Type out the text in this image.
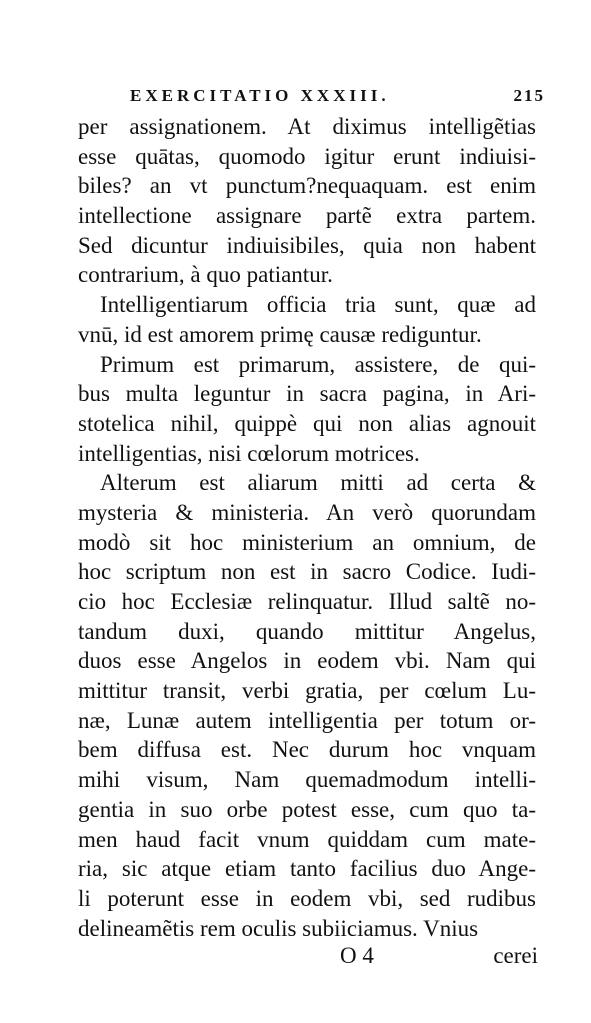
EXERCITATIO XXXIII.	215
per assignationem. At diximus intelligẽtias
esse quātas, quomodo igitur erunt indiuisi-
biles? an vt punctum?nequaquam. est enim
intellectione assignare partẽ extra partem.
Sed dicuntur indiuisibiles, quia non habent
contrarium, à quo patiantur.
Intelligentiarum officia tria sunt, quæ ad
vnū, id est amorem primę causæ rediguntur.
Primum est primarum, assistere, de qui-
bus multa leguntur in sacra pagina, in Ari-
stotelica nihil, quippè qui non alias agnouit
intelligentias, nisi cœlorum motrices.
Alterum est aliarum mitti ad certa &
mysteria & ministeria. An verò quorundam
modò sit hoc ministerium an omnium, de
hoc scriptum non est in sacro Codice. Iudi-
cio hoc Ecclesiæ relinquatur. Illud saltẽ no-
tandum duxi, quando mittitur Angelus,
duos esse Angelos in eodem vbi. Nam qui
mittitur transit, verbi gratia, per cœlum Lu-
næ, Lunæ autem intelligentia per totum or-
bem diffusa est. Nec durum hoc vnquam
mihi visum, Nam quemadmodum intelli-
gentia in suo orbe potest esse, cum quo ta-
men haud facit vnum quiddam cum mate-
ria, sic atque etiam tanto facilius duo Ange-
li poterunt esse in eodem vbi, sed rudibus
delineamẽtis rem oculis subiiciamus. Vnius
O 4	cerei
